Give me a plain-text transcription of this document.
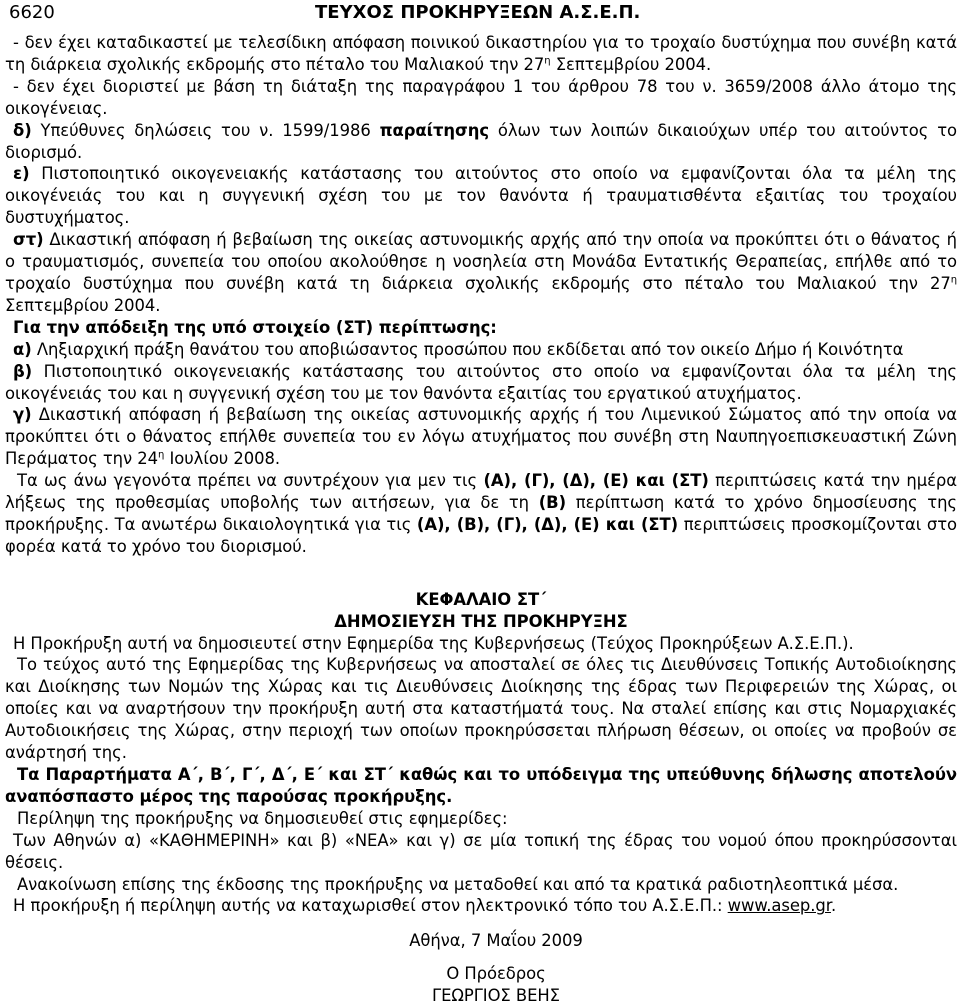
6620	ΤΕΥΧΟΣ ΠΡΟΚΗΡΥΞΕΩΝ Α.Σ.Ε.Π.

- δεν έχει καταδικαστεί με τελεσίδικη απόφαση ποινικού δικαστηρίου για το τροχαίο δυστύχημα που συνέβη κατά τη διάρκεια σχολικής εκδρομής στο πέταλο του Μαλιακού την $27^\eta$ Σεπτεμβρίου 2004.

- δεν έχει διοριστεί με βάση τη διάταξη της παραγράφου 1 του άρθρου 78 του ν. 3659/2008 άλλο άτομο της οικογένειας.

δ) Υπεύθυνες δηλώσεις του ν. 1599/1986 παραίτησης όλων των λοιπών δικαιούχων υπέρ του αιτούντος το διορισμό.

ε) Πιστοποιητικό οικογενειακής κατάστασης του αιτούντος στο οποίο να εμφανίζονται όλα τα μέλη της οικογένειάς του και η συγγενική σχέση του με τον θανόντα ή τραυματισθέντα εξαιτίας του τροχαίου δυστυχήματος.

στ) Δικαστική απόφαση ή βεβαίωση της οικείας αστυνομικής αρχής από την οποία να προκύπτει ότι ο θάνατος ή ο τραυματισμός, συνεπεία του οποίου ακολούθησε η νοσηλεία στη Μονάδα Εντατικής Θεραπείας, επήλθε από το τροχαίο δυστύχημα που συνέβη κατά τη διάρκεια σχολικής εκδρομής στο πέταλο του Μαλιακού την $27^\eta$ Σεπτεμβρίου 2004.

Για την απόδειξη της υπό στοιχείο (ΣΤ) περίπτωσης:

α) Ληξιαρχική πράξη θανάτου του αποβιώσαντος προσώπου που εκδίδεται από τον οικείο Δήμο ή Κοινότητα

β) Πιστοποιητικό οικογενειακής κατάστασης του αιτούντος στο οποίο να εμφανίζονται όλα τα μέλη της οικογένειάς του και η συγγενική σχέση του με τον θανόντα εξαιτίας του εργατικού ατυχήματος.

γ) Δικαστική απόφαση ή βεβαίωση της οικείας αστυνομικής αρχής ή του Λιμενικού Σώματος από την οποία να προκύπτει ότι ο θάνατος επήλθε συνεπεία του εν λόγω ατυχήματος που συνέβη στη Ναυπηγοεπισκευαστική Ζώνη Περάματος την $24^\eta$ Ιουλίου 2008.

Τα ως άνω γεγονότα πρέπει να συντρέχουν για μεν τις (Α), (Γ), (Δ), (Ε) και (ΣΤ) περιπτώσεις κατά την ημέρα λήξεως της προθεσμίας υποβολής των αιτήσεων, για δε τη (Β) περίπτωση κατά το χρόνο δημοσίευσης της προκήρυξης. Τα ανωτέρω δικαιολογητικά για τις (Α), (Β), (Γ), (Δ), (Ε) και (ΣΤ) περιπτώσεις προσκομίζονται στο φορέα κατά το χρόνο του διορισμού.

ΚΕΦΑΛΑΙΟ ΣΤ΄

ΔΗΜΟΣΙΕΥΣΗ ΤΗΣ ΠΡΟΚΗΡΥΞΗΣ

Η Προκήρυξη αυτή να δημοσιευτεί στην Εφημερίδα της Κυβερνήσεως (Τεύχος Προκηρύξεων Α.Σ.Ε.Π.).

Το τεύχος αυτό της Εφημερίδας της Κυβερνήσεως να αποσταλεί σε όλες τις Διευθύνσεις Τοπικής Αυτοδιοίκησης και Διοίκησης των Νομών της Χώρας και τις Διευθύνσεις Διοίκησης της έδρας των Περιφερειών της Χώρας, οι οποίες και να αναρτήσουν την προκήρυξη αυτή στα καταστήματά τους. Να σταλεί επίσης και στις Νομαρχιακές Αυτοδιοικήσεις της Χώρας, στην περιοχή των οποίων προκηρύσσεται πλήρωση θέσεων, οι οποίες να προβούν σε ανάρτησή της.

Τα Παραρτήματα Α΄, Β΄, Γ΄, Δ΄, Ε΄ και ΣΤ΄ καθώς και το υπόδειγμα της υπεύθυνης δήλωσης αποτελούν αναπόσπαστο μέρος της παρούσας προκήρυξης.

Περίληψη της προκήρυξης να δημοσιευθεί στις εφημερίδες:

Των Αθηνών α) «ΚΑΘΗΜΕΡΙΝΗ» και β) «ΝΕΑ» και γ) σε μία τοπική της έδρας του νομού όπου προκηρύσσονται θέσεις.

Ανακοίνωση επίσης της έκδοσης της προκήρυξης να μεταδοθεί και από τα κρατικά ραδιοτηλεοπτικά μέσα.

Η προκήρυξη ή περίληψη αυτής να καταχωρισθεί στον ηλεκτρονικό τόπο του Α.Σ.Ε.Π.: www.asep.gr.

Αθήνα, 7 Μαΐου 2009

Ο Πρόεδρος

ΓΕΩΡΓΙΟΣ ΒΕΗΣ
